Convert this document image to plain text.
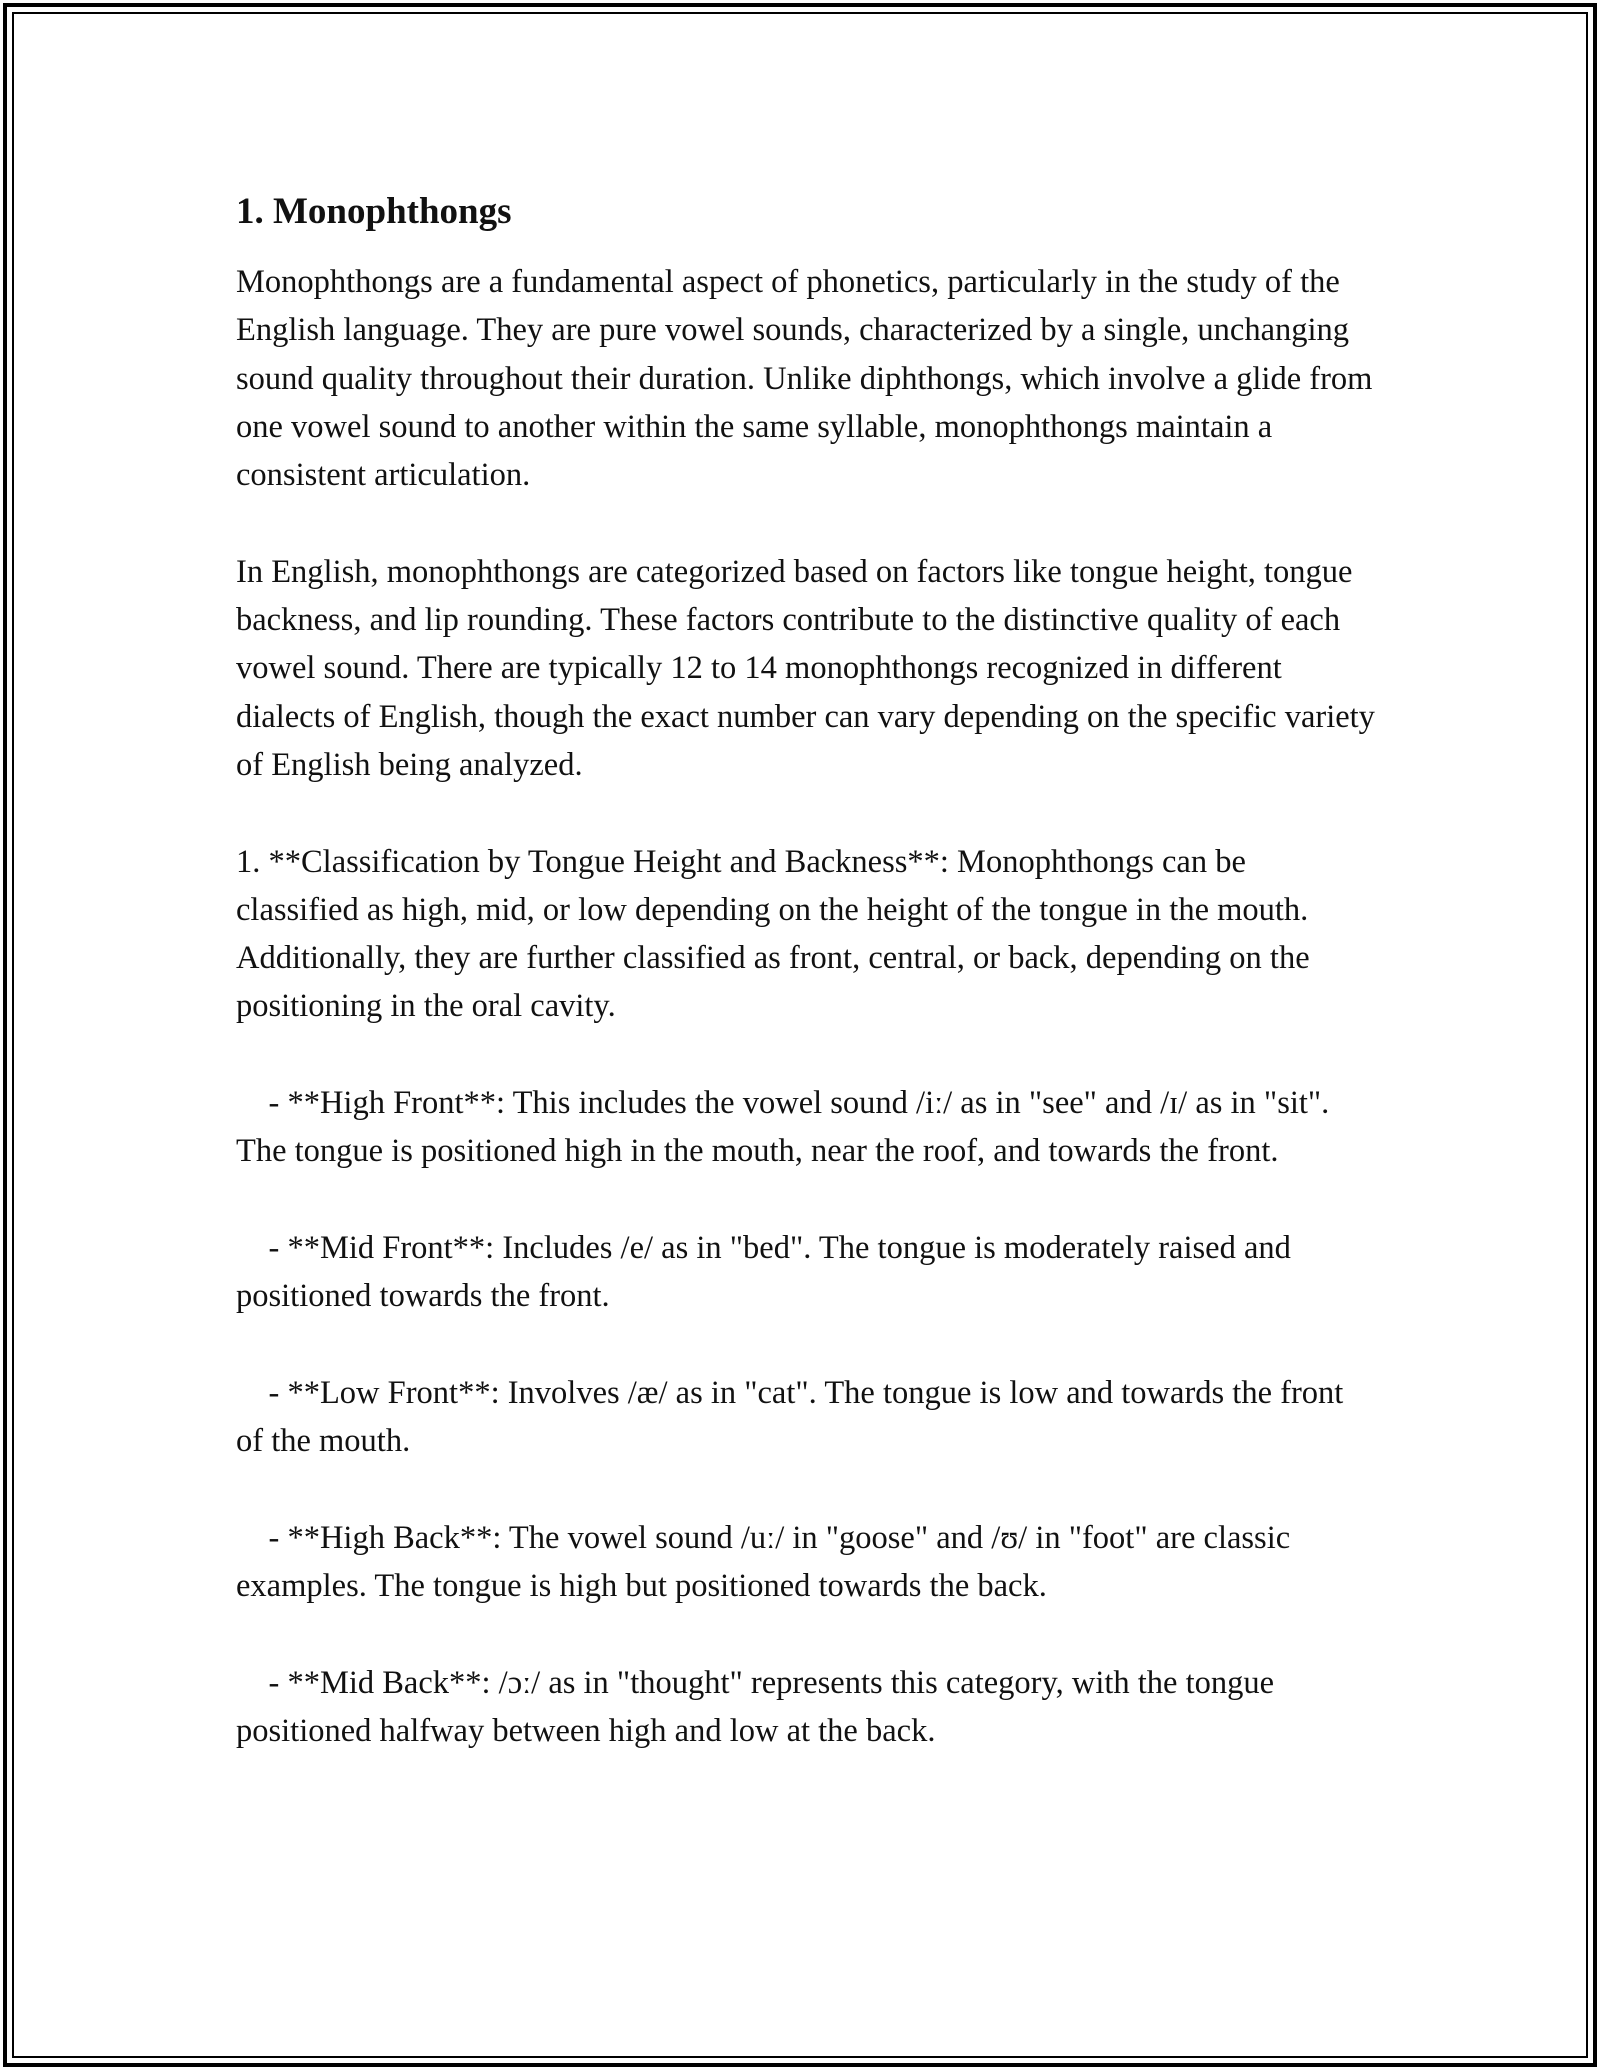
1. Monophthongs

Monophthongs are a fundamental aspect of phonetics, particularly in the study of the English language. They are pure vowel sounds, characterized by a single, unchanging sound quality throughout their duration. Unlike diphthongs, which involve a glide from one vowel sound to another within the same syllable, monophthongs maintain a consistent articulation.

In English, monophthongs are categorized based on factors like tongue height, tongue backness, and lip rounding. These factors contribute to the distinctive quality of each vowel sound. There are typically 12 to 14 monophthongs recognized in different dialects of English, though the exact number can vary depending on the specific variety of English being analyzed.

1. **Classification by Tongue Height and Backness**: Monophthongs can be classified as high, mid, or low depending on the height of the tongue in the mouth. Additionally, they are further classified as front, central, or back, depending on the positioning in the oral cavity.

- **High Front**: This includes the vowel sound /iː/ as in "see" and /ɪ/ as in "sit". The tongue is positioned high in the mouth, near the roof, and towards the front.

- **Mid Front**: Includes /e/ as in "bed". The tongue is moderately raised and positioned towards the front.

- **Low Front**: Involves /æ/ as in "cat". The tongue is low and towards the front of the mouth.

- **High Back**: The vowel sound /uː/ in "goose" and /ʊ/ in "foot" are classic examples. The tongue is high but positioned towards the back.

- **Mid Back**: /ɔː/ as in "thought" represents this category, with the tongue positioned halfway between high and low at the back.
